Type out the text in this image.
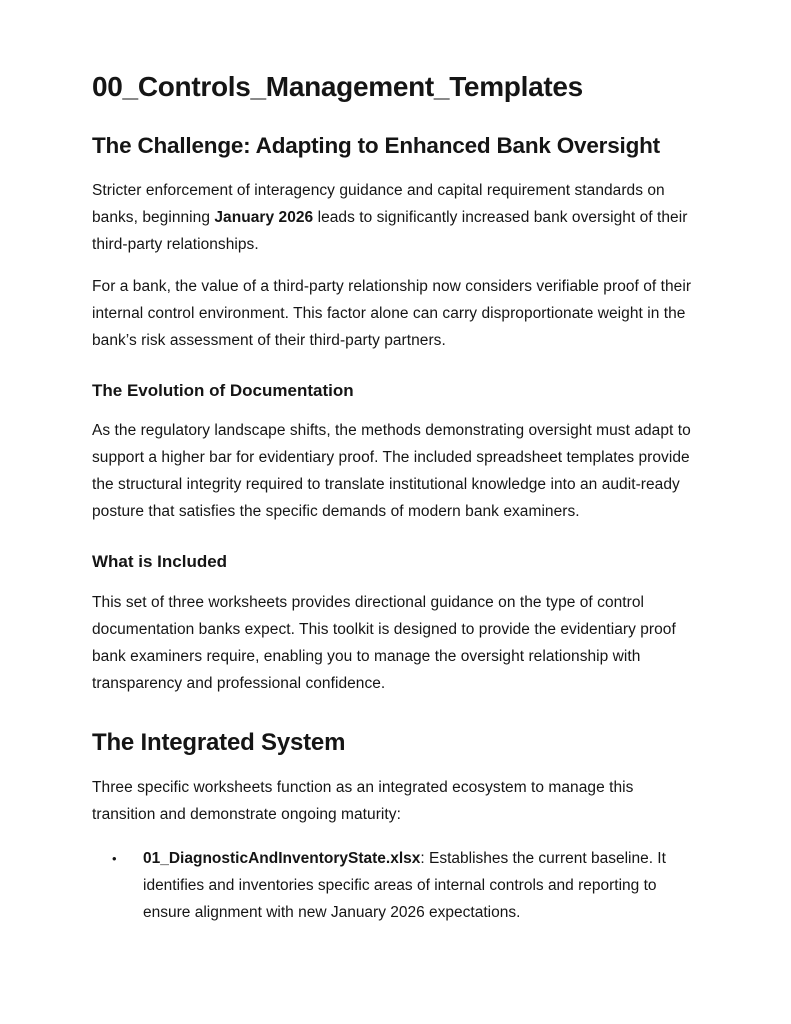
00_Controls_Management_Templates
The Challenge: Adapting to Enhanced Bank Oversight

Stricter enforcement of interagency guidance and capital requirement standards on banks, beginning January 2026 leads to significantly increased bank oversight of their third-party relationships.

For a bank, the value of a third-party relationship now considers verifiable proof of their internal control environment. This factor alone can carry disproportionate weight in the bank’s risk assessment of their third-party partners.

The Evolution of Documentation

As the regulatory landscape shifts, the methods demonstrating oversight must adapt to support a higher bar for evidentiary proof. The included spreadsheet templates provide the structural integrity required to translate institutional knowledge into an audit-ready posture that satisfies the specific demands of modern bank examiners.

What is Included

This set of three worksheets provides directional guidance on the type of control documentation banks expect. This toolkit is designed to provide the evidentiary proof bank examiners require, enabling you to manage the oversight relationship with transparency and professional confidence.

The Integrated System

Three specific worksheets function as an integrated ecosystem to manage this transition and demonstrate ongoing maturity:

•	01_DiagnosticAndInventoryState.xlsx: Establishes the current baseline. It identifies and inventories specific areas of internal controls and reporting to ensure alignment with new January 2026 expectations.
